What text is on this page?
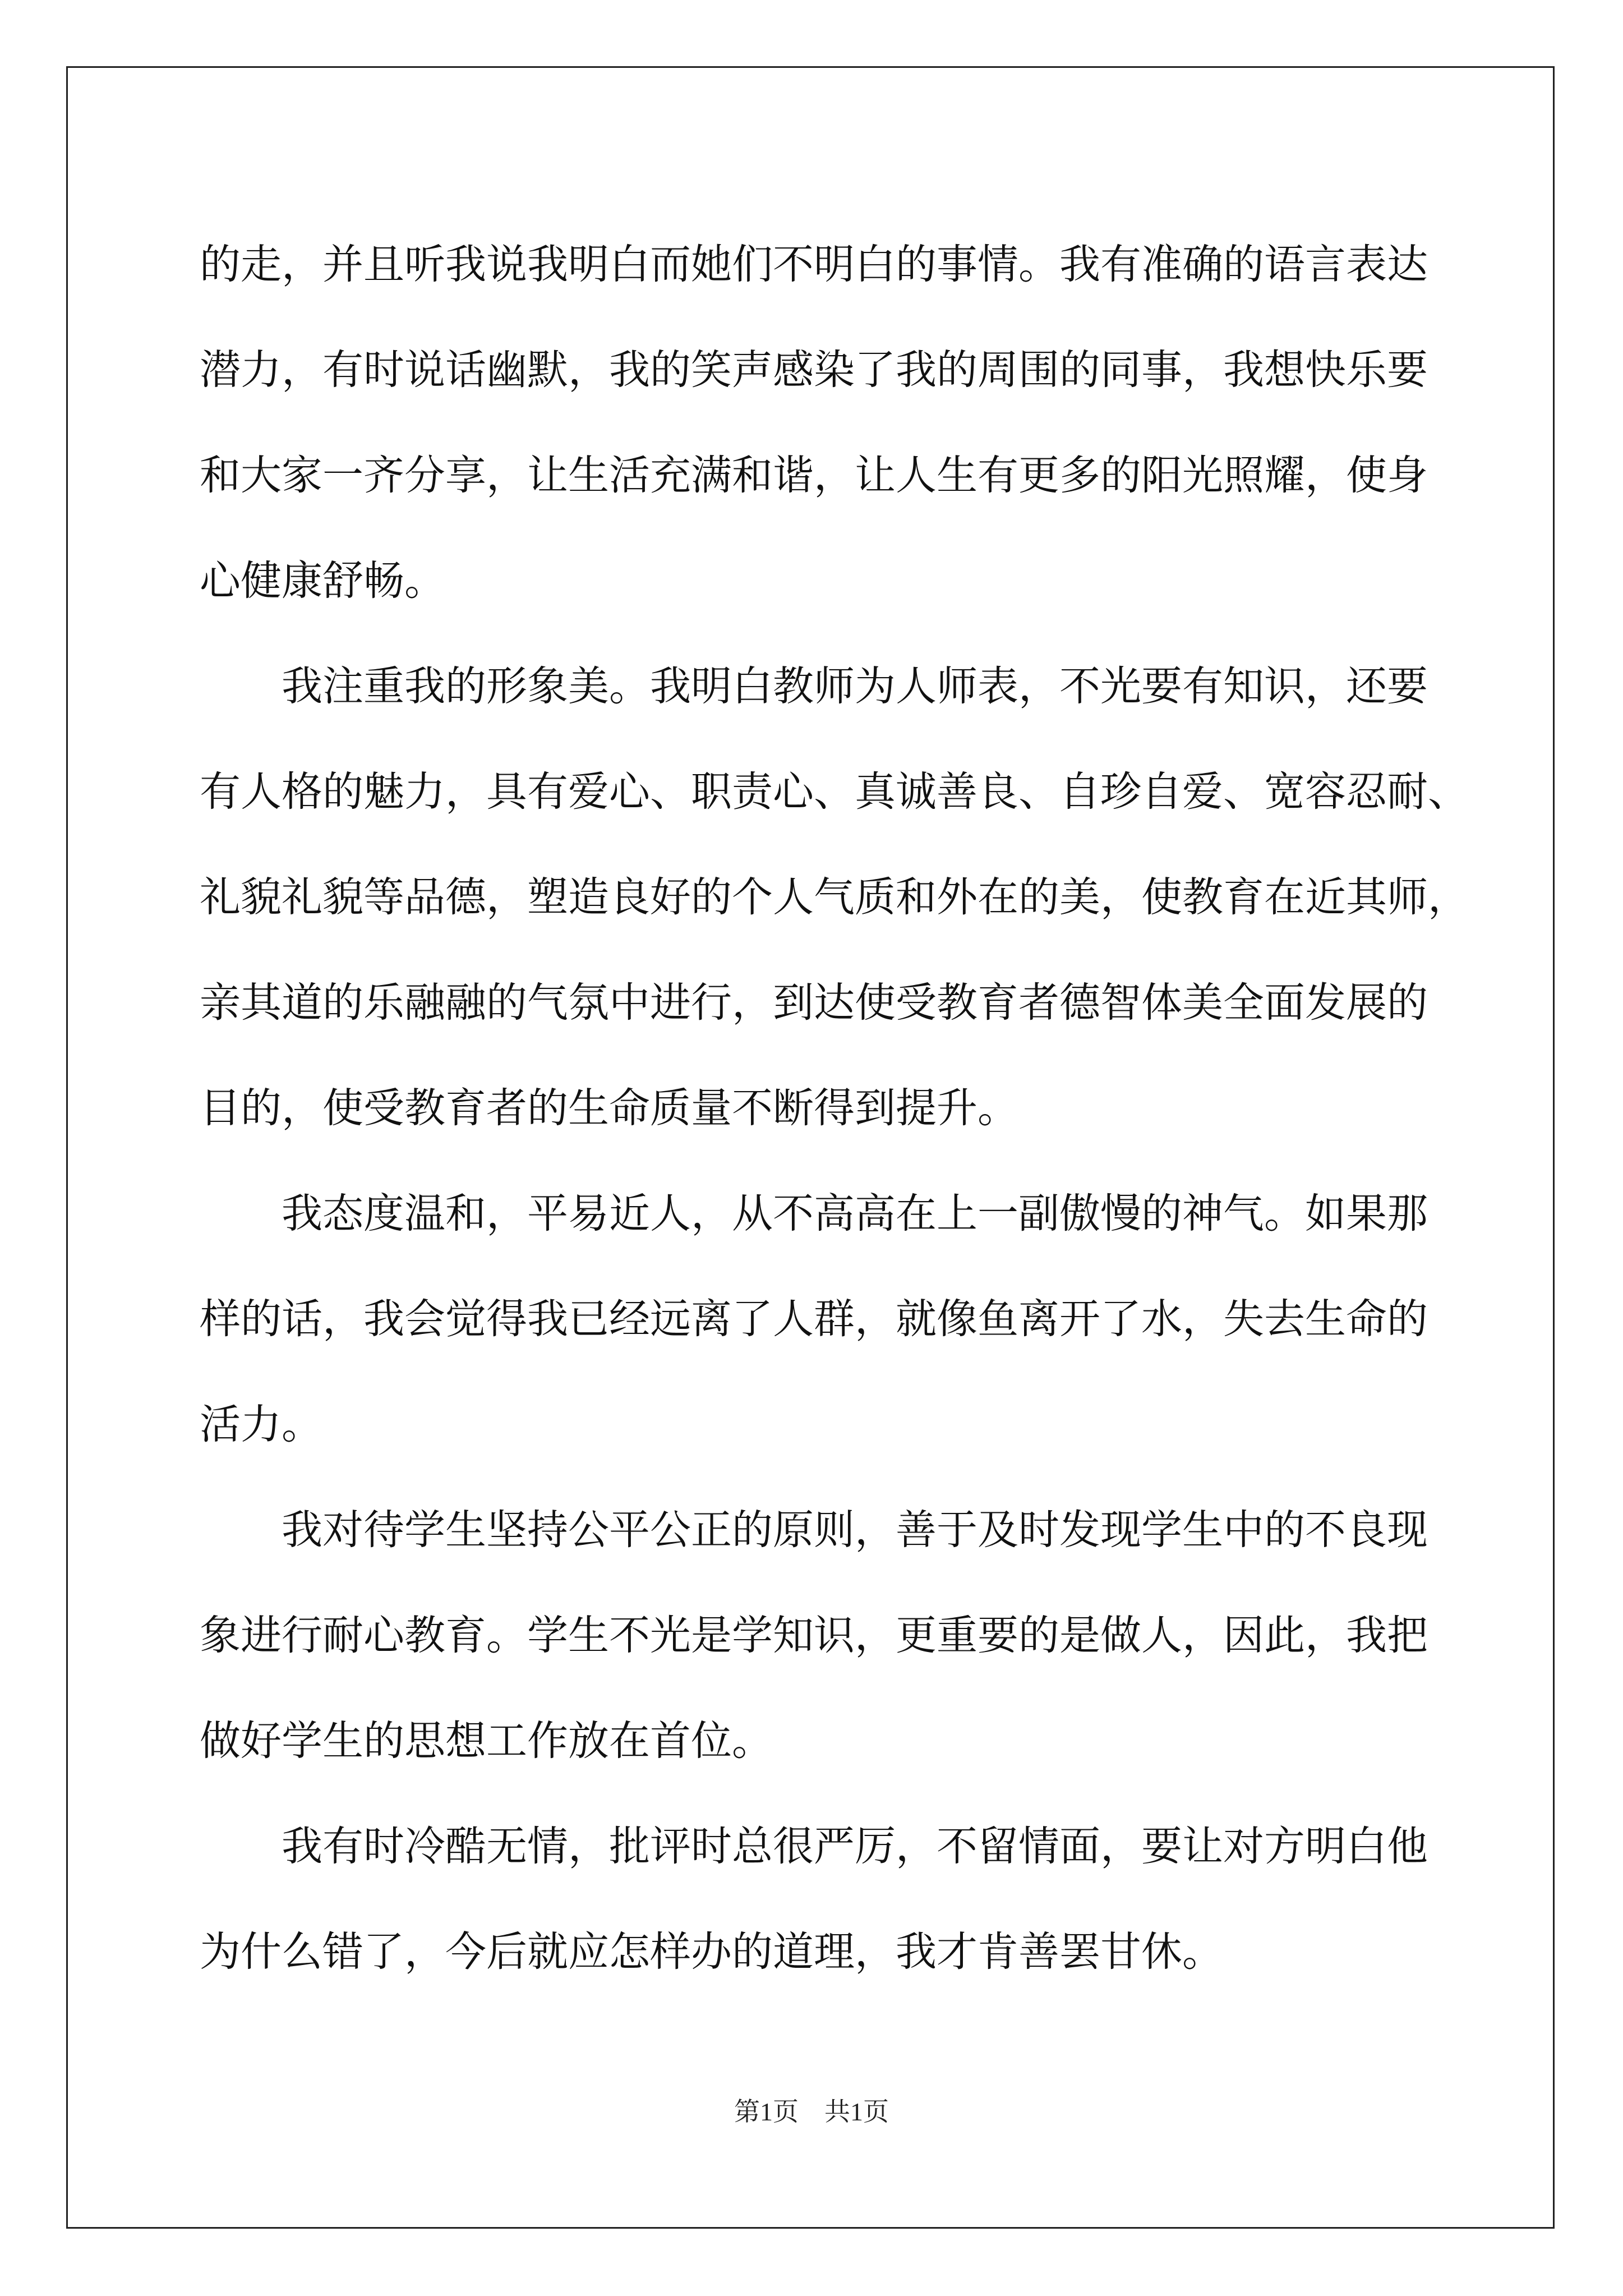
的走，并且听我说我明白而她们不明白的事情。我有准确的语言表达
潜力，有时说话幽默，我的笑声感染了我的周围的同事，我想快乐要
和大家一齐分享，让生活充满和谐，让人生有更多的阳光照耀，使身
心健康舒畅。
我注重我的形象美。我明白教师为人师表，不光要有知识，还要
有人格的魅力，具有爱心、职责心、真诚善良、自珍自爱、宽容忍耐、
礼貌礼貌等品德，塑造良好的个人气质和外在的美，使教育在近其师，
亲其道的乐融融的气氛中进行，到达使受教育者德智体美全面发展的
目的，使受教育者的生命质量不断得到提升。
我态度温和，平易近人，从不高高在上一副傲慢的神气。如果那
样的话，我会觉得我已经远离了人群，就像鱼离开了水，失去生命的
活力。
我对待学生坚持公平公正的原则，善于及时发现学生中的不良现
象进行耐心教育。学生不光是学知识，更重要的是做人，因此，我把
做好学生的思想工作放在首位。
我有时冷酷无情，批评时总很严厉，不留情面，要让对方明白他
为什么错了，今后就应怎样办的道理，我才肯善罢甘休。
第1页　共1页
